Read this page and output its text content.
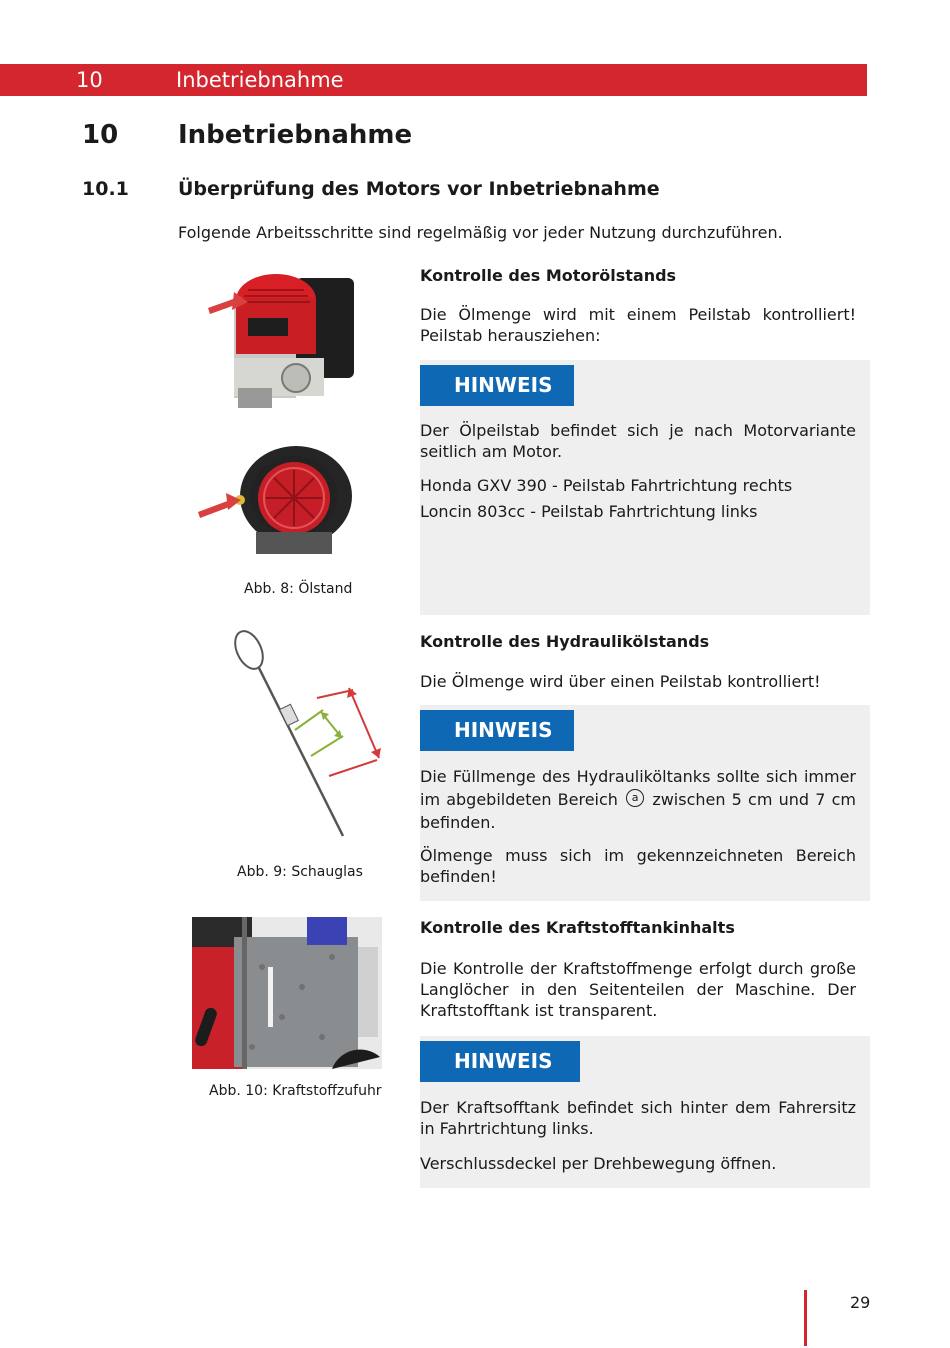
10	Inbetriebnahme
10 Inbetriebnahme
10.1	Überprüfung des Motors vor Inbetriebnahme
Folgende Arbeitsschritte sind regelmäßig vor jeder Nutzung durchzuführen.
Abb. 8: Ölstand
Kontrolle des Motorölstands
Die Ölmenge wird mit einem Peilstab kontrolliert! Peilstab herausziehen:
HINWEIS
Der Ölpeilstab befindet sich je nach Motorvariante seitlich am Motor.
Honda GXV 390 - Peilstab Fahrtrichtung rechts
Loncin 803cc - Peilstab Fahrtrichtung links
Abb. 9: Schauglas
Kontrolle des Hydraulikölstands
Die Ölmenge wird über einen Peilstab kontrolliert!
HINWEIS
Die Füllmenge des Hydrauliköltanks sollte sich immer im abgebildeten Bereich a zwischen 5 cm und 7 cm befinden.
Ölmenge muss sich im gekennzeichneten Bereich befinden!
Abb. 10: Kraftstoffzufuhr
Kontrolle des Kraftstofftankinhalts
Die Kontrolle der Kraftstoffmenge erfolgt durch große Langlöcher in den Seitenteilen der Maschine. Der Kraftstofftank ist transparent.
HINWEIS
Der Kraftsofftank befindet sich hinter dem Fahrersitz in Fahrtrichtung links.
Verschlussdeckel per Drehbewegung öffnen.
29
